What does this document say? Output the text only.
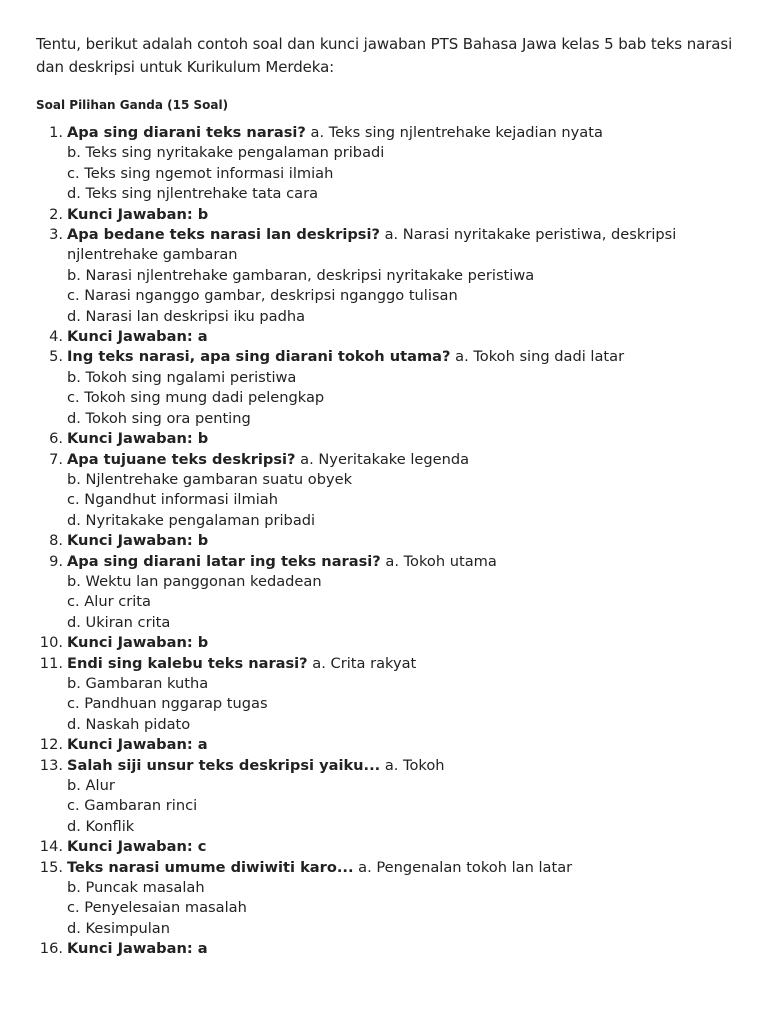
Tentu, berikut adalah contoh soal dan kunci jawaban PTS Bahasa Jawa kelas 5 bab teks narasi dan deskripsi untuk Kurikulum Merdeka:

Soal Pilihan Ganda (15 Soal)
1. Apa sing diarani teks narasi? a. Teks sing njlentrehake kejadian nyata
b. Teks sing nyritakake pengalaman pribadi
c. Teks sing ngemot informasi ilmiah
d. Teks sing njlentrehake tata cara
2. Kunci Jawaban: b
3. Apa bedane teks narasi lan deskripsi? a. Narasi nyritakake peristiwa, deskripsi njlentrehake gambaran
b. Narasi njlentrehake gambaran, deskripsi nyritakake peristiwa
c. Narasi nganggo gambar, deskripsi nganggo tulisan
d. Narasi lan deskripsi iku padha
4. Kunci Jawaban: a
5. Ing teks narasi, apa sing diarani tokoh utama? a. Tokoh sing dadi latar
b. Tokoh sing ngalami peristiwa
c. Tokoh sing mung dadi pelengkap
d. Tokoh sing ora penting
6. Kunci Jawaban: b
7. Apa tujuane teks deskripsi? a. Nyeritakake legenda
b. Njlentrehake gambaran suatu obyek
c. Ngandhut informasi ilmiah
d. Nyritakake pengalaman pribadi
8. Kunci Jawaban: b
9. Apa sing diarani latar ing teks narasi? a. Tokoh utama
b. Wektu lan panggonan kedadean
c. Alur crita
d. Ukiran crita
10. Kunci Jawaban: b
11. Endi sing kalebu teks narasi? a. Crita rakyat
b. Gambaran kutha
c. Pandhuan nggarap tugas
d. Naskah pidato
12. Kunci Jawaban: a
13. Salah siji unsur teks deskripsi yaiku... a. Tokoh
b. Alur
c. Gambaran rinci
d. Konflik
14. Kunci Jawaban: c
15. Teks narasi umume diwiwiti karo... a. Pengenalan tokoh lan latar
b. Puncak masalah
c. Penyelesaian masalah
d. Kesimpulan
16. Kunci Jawaban: a
